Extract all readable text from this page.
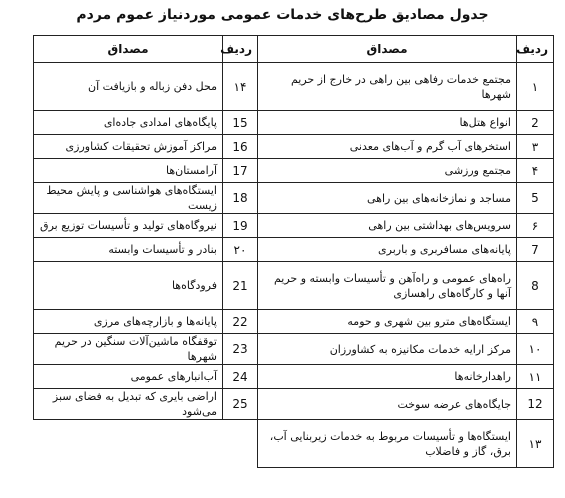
جدول مصادیق طرح‌های خدمات عمومی موردنیاز عموم مردم
ردیف	مصداق	ردیف	مصداق
۱	مجتمع خدمات رفاهی بین راهی در خارج از حریم شهرها	۱۴	محل دفن زباله و بازیافت آن
2	انواع هتل‌ها	15	پایگاه‌های امدادی جاده‌ای
۳	استخرهای آب گرم و آب‌های معدنی	16	مراکز آموزش تحقیقات کشاورزی
۴	مجتمع ورزشی	17	آرامستان‌ها
5	مساجد و نمازخانه‌های بین راهی	18	ایستگاه‌های هواشناسی و پایش محیط زیست
۶	سرویس‌های بهداشتی بین راهی	19	نیروگاه‌های تولید و تأسیسات توزیع برق
7	پایانه‌های مسافربری و باربری	۲۰	بنادر و تأسیسات وابسته
8	راه‌های عمومی و راه‌آهن و تأسیسات وابسته و حریم آنها و کارگاه‌های راهسازی	21	فرودگاه‌ها
۹	ایستگاه‌های مترو بین شهری و حومه	22	پایانه‌ها و بازارچه‌های مرزی
۱۰	مرکز ارایه خدمات مکانیزه به کشاورزان	23	توقفگاه ماشین‌آلات سنگین در حریم شهرها
۱۱	راهدارخانه‌ها	24	آب‌انبارهای عمومی
12	جایگاه‌های عرضه سوخت	25	اراضی بایری که تبدیل به فضای سبز می‌شود
۱۳	ایستگاه‌ها و تأسیسات مربوط به خدمات زیربنایی آب، برق، گاز و فاضلاب		
